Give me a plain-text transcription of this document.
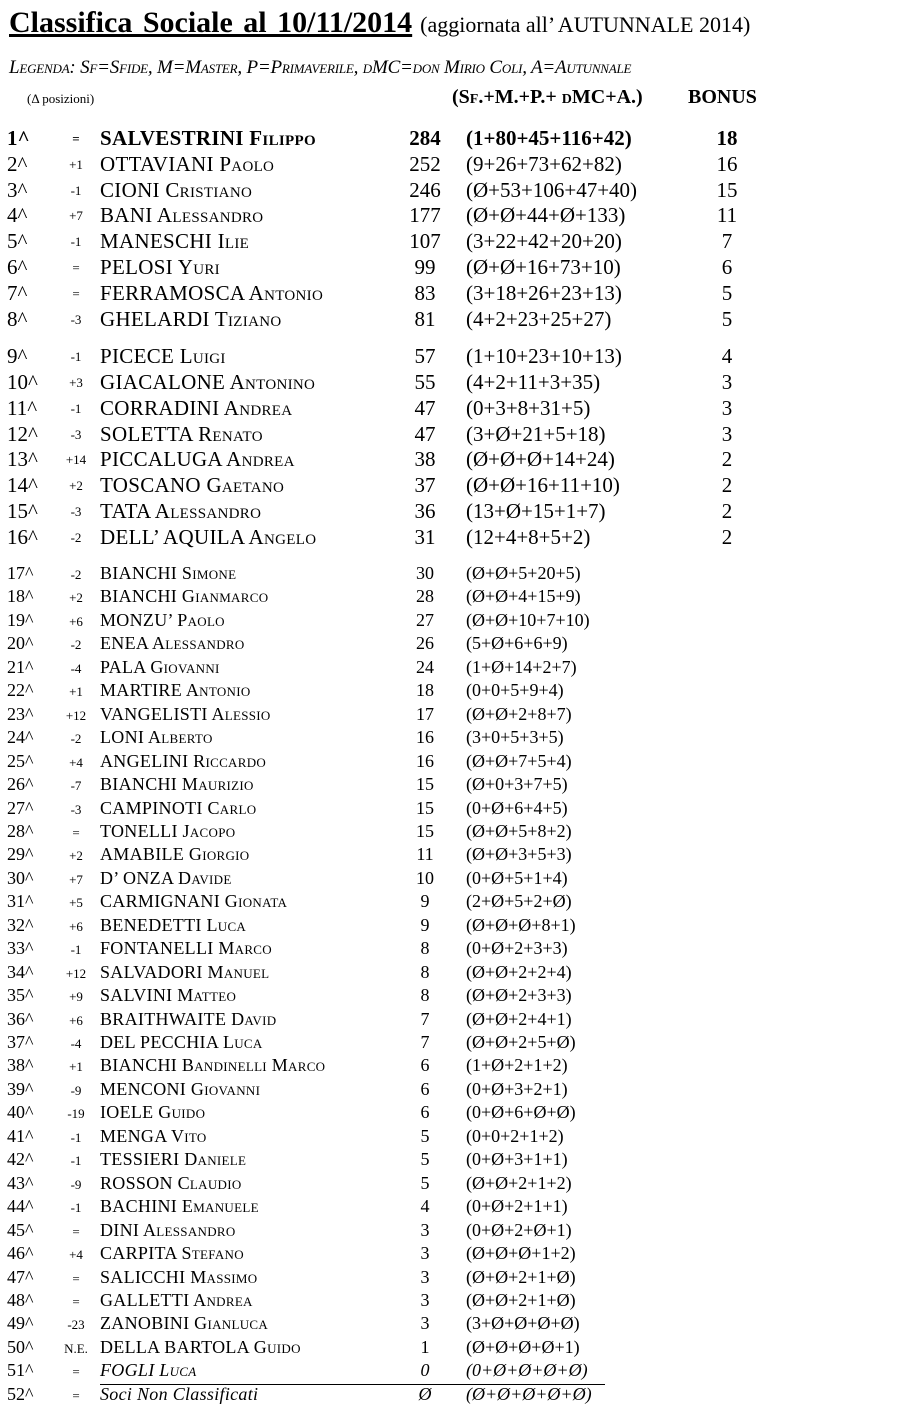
Classifica Sociale al 10/11/2014 (aggiornata all’ AUTUNNALE 2014)
Legenda: Sf=Sfide, M=Master, P=Primaverile, dMC=don Mirio Coli, A=Autunnale
(Δ posizioni)	(Sf.+M.+P.+ dMC+A.) BONUS
1^	= SALVESTRINI Filippo	284	(1+80+45+116+42)	18
2^	+1 OTTAVIANI Paolo	252	(9+26+73+62+82)	16
3^	-1 CIONI Cristiano	246	(Ø+53+106+47+40)	15
4^	+7 BANI Alessandro	177	(Ø+Ø+44+Ø+133)	11
5^	-1 MANESCHI Ilie	107	(3+22+42+20+20)	7
6^	= PELOSI Yuri	99	(Ø+Ø+16+73+10)	6
7^	= FERRAMOSCA Antonio	83	(3+18+26+23+13)	5
8^	-3 GHELARDI Tiziano	81	(4+2+23+25+27)	5
9^	-1 PICECE Luigi	57	(1+10+23+10+13)	4
10^	+3 GIACALONE Antonino	55	(4+2+11+3+35)	3
11^	-1 CORRADINI Andrea	47	(0+3+8+31+5)	3
12^	-3 SOLETTA Renato	47	(3+Ø+21+5+18)	3
13^	+14 PICCALUGA Andrea	38	(Ø+Ø+Ø+14+24)	2
14^	+2 TOSCANO Gaetano	37	(Ø+Ø+16+11+10)	2
15^	-3 TATA Alessandro	36	(13+Ø+15+1+7)	2
16^	-2 DELL’ AQUILA Angelo	31	(12+4+8+5+2)	2
17^	-2	BIANCHI Simone	30	(Ø+Ø+5+20+5)
18^	+2 BIANCHI Gianmarco	28	(Ø+Ø+4+15+9)
19^	+6 MONZU’ Paolo	27	(Ø+Ø+10+7+10)
20^	-2	ENEA Alessandro	26	(5+Ø+6+6+9)
21^	-4	PALA Giovanni	24	(1+Ø+14+2+7)
22^	+1 MARTIRE Antonio	18	(0+0+5+9+4)
23^	+12 VANGELISTI Alessio	17	(Ø+Ø+2+8+7)
24^	-2	LONI Alberto	16	(3+0+5+3+5)
25^	+4 ANGELINI Riccardo	16	(Ø+Ø+7+5+4)
26^	-7	BIANCHI Maurizio	15	(Ø+0+3+7+5)
27^	-3	CAMPINOTI Carlo	15	(0+Ø+6+4+5)
28^	=	TONELLI Jacopo	15	(Ø+Ø+5+8+2)
29^	+2 AMABILE Giorgio	11	(Ø+Ø+3+5+3)
30^	+7 D’ ONZA Davide	10	(0+Ø+5+1+4)
31^	+5 CARMIGNANI Gionata	9	(2+Ø+5+2+Ø)
32^	+6 BENEDETTI Luca	9	(Ø+Ø+Ø+8+1)
33^	-1	FONTANELLI Marco	8	(0+Ø+2+3+3)
34^	+12 SALVADORI Manuel	8	(Ø+Ø+2+2+4)
35^	+9 SALVINI Matteo	8	(Ø+Ø+2+3+3)
36^	+6 BRAITHWAITE David	7	(Ø+Ø+2+4+1)
37^	-4	DEL PECCHIA Luca	7	(Ø+Ø+2+5+Ø)
38^	+1 BIANCHI Bandinelli Marco	6	(1+Ø+2+1+2)
39^	-9	MENCONI Giovanni	6	(0+Ø+3+2+1)
40^	-19 IOELE Guido	6	(0+Ø+6+Ø+Ø)
41^	-1	MENGA Vito	5	(0+0+2+1+2)
42^	-1	TESSIERI Daniele	5	(0+Ø+3+1+1)
43^	-9	ROSSON Claudio	5	(Ø+Ø+2+1+2)
44^	-1	BACHINI Emanuele	4	(0+Ø+2+1+1)
45^	=	DINI Alessandro	3	(0+Ø+2+Ø+1)
46^	+4 CARPITA Stefano	3	(Ø+Ø+Ø+1+2)
47^	=	SALICCHI Massimo	3	(Ø+Ø+2+1+Ø)
48^	=	GALLETTI Andrea	3	(Ø+Ø+2+1+Ø)
49^	-23 ZANOBINI Gianluca	3	(3+Ø+Ø+Ø+Ø)
50^	N.E. DELLA BARTOLA Guido	1	(Ø+Ø+Ø+Ø+1)
51^	=	FOGLI Luca	0	(0+Ø+Ø+Ø+Ø)
52^	=	Soci Non Classificati	Ø	(Ø+Ø+Ø+Ø+Ø)
